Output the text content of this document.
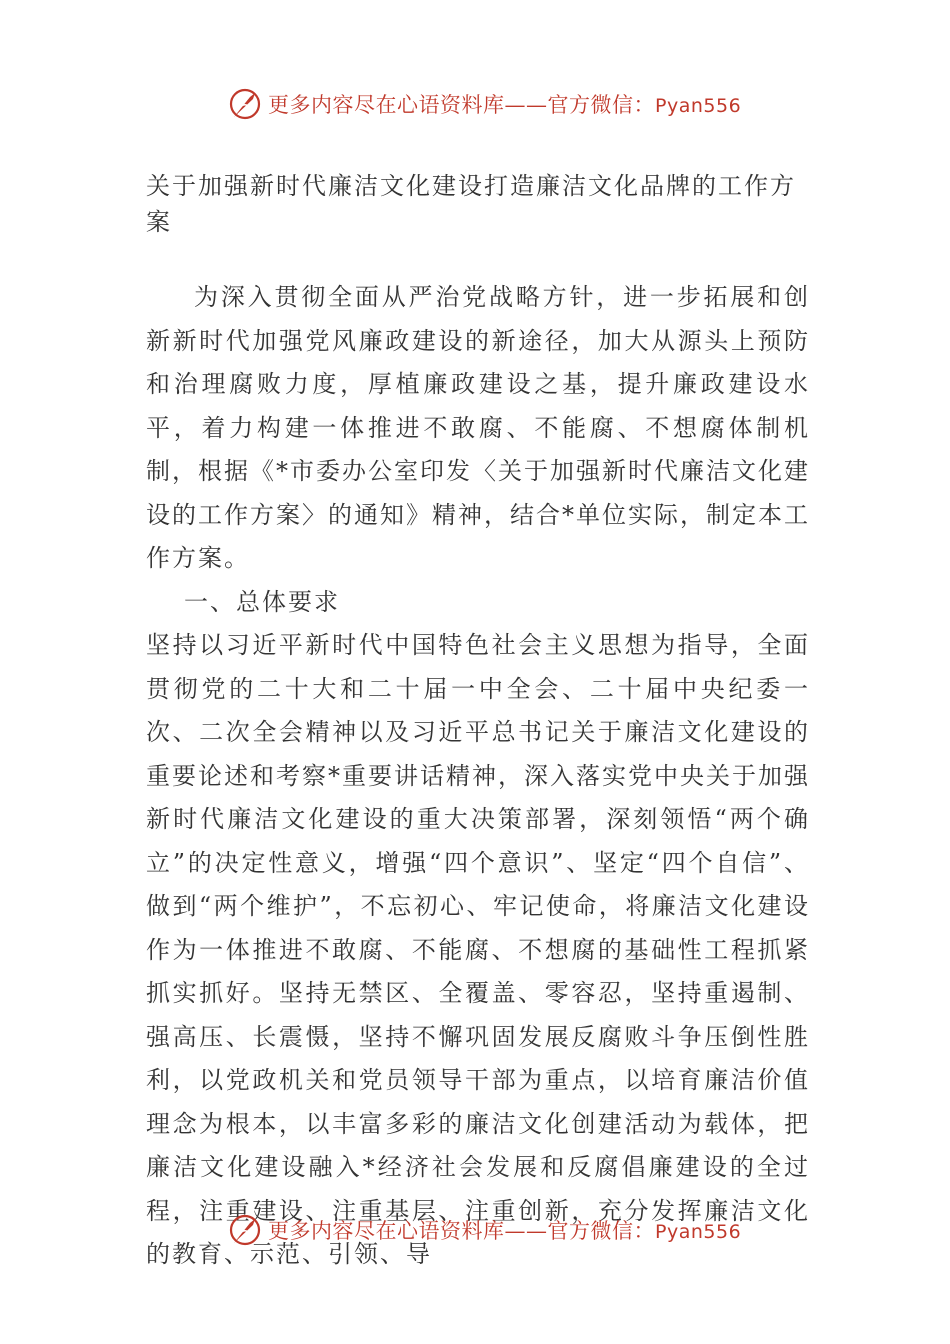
更多内容尽在心语资料库——官方微信：Pyan556

关于加强新时代廉洁文化建设打造廉洁文化品牌的工作方案

为深入贯彻全面从严治党战略方针，进一步拓展和创新新时代加强党风廉政建设的新途径，加大从源头上预防和治理腐败力度，厚植廉政建设之基，提升廉政建设水平，着力构建一体推进不敢腐、不能腐、不想腐体制机制，根据《*市委办公室印发〈关于加强新时代廉洁文化建设的工作方案〉的通知》精神，结合*单位实际，制定本工作方案。

一、总体要求

坚持以习近平新时代中国特色社会主义思想为指导，全面贯彻党的二十大和二十届一中全会、二十届中央纪委一次、二次全会精神以及习近平总书记关于廉洁文化建设的重要论述和考察*重要讲话精神，深入落实党中央关于加强新时代廉洁文化建设的重大决策部署，深刻领悟“两个确立”的决定性意义，增强“四个意识”、坚定“四个自信”、做到“两个维护”，不忘初心、牢记使命，将廉洁文化建设作为一体推进不敢腐、不能腐、不想腐的基础性工程抓紧抓实抓好。坚持无禁区、全覆盖、零容忍，坚持重遏制、强高压、长震慑，坚持不懈巩固发展反腐败斗争压倒性胜利，以党政机关和党员领导干部为重点，以培育廉洁价值理念为根本，以丰富多彩的廉洁文化创建活动为载体，把廉洁文化建设融入*经济社会发展和反腐倡廉建设的全过程，注重建设、注重基层、注重创新，充分发挥廉洁文化的教育、示范、引领、导

更多内容尽在心语资料库——官方微信：Pyan556
